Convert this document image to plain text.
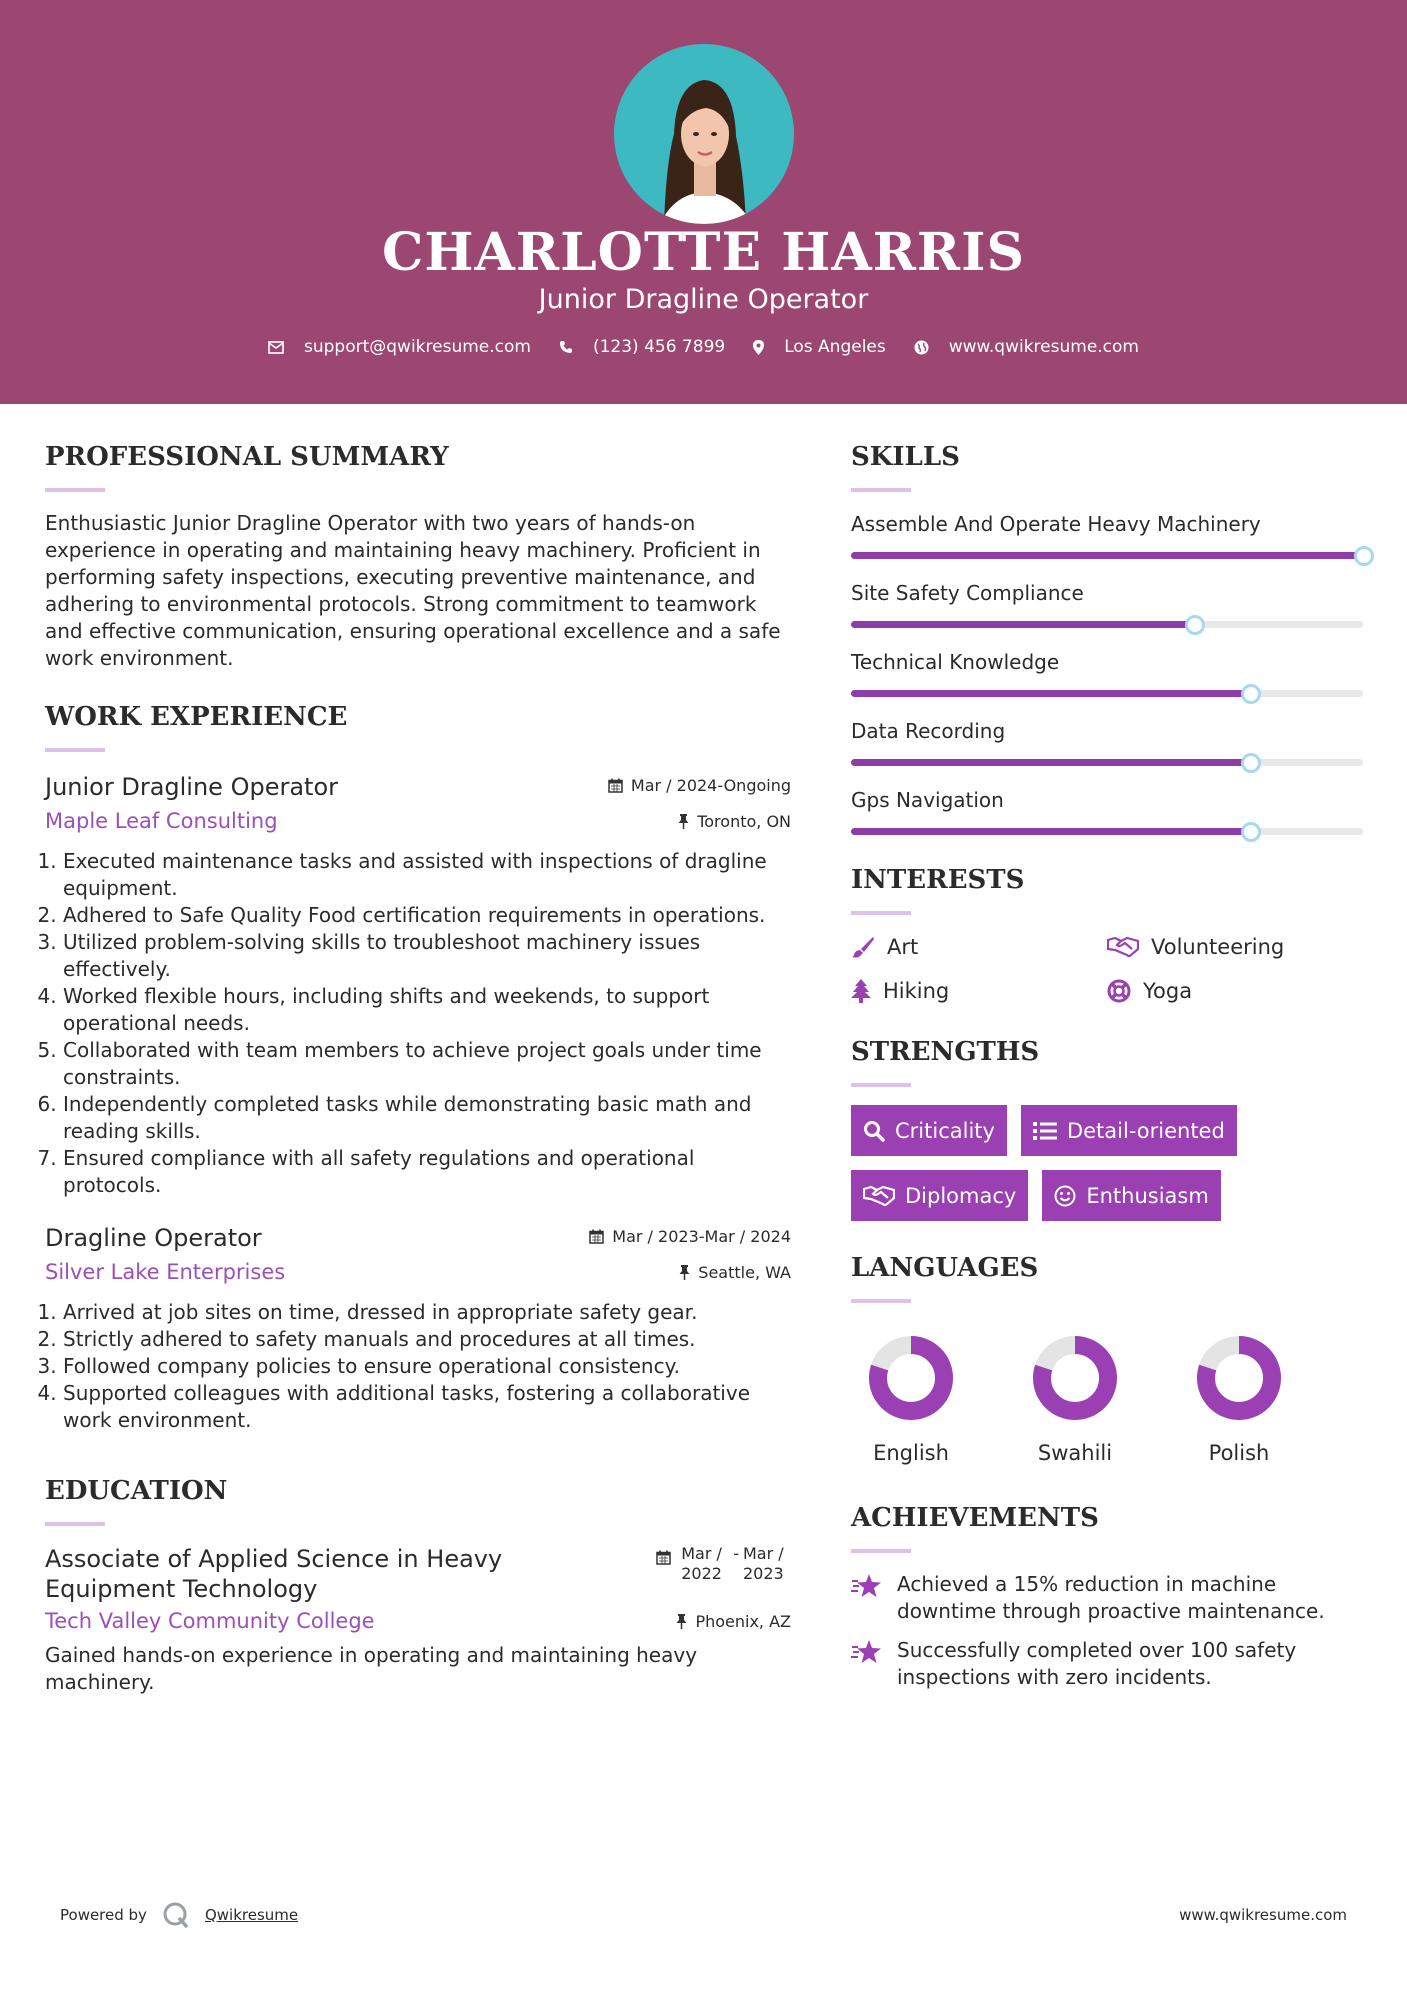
CHARLOTTE HARRIS
Junior Dragline Operator
support@qwikresume.com	(123) 456 7899	Los Angeles	www.qwikresume.com
PROFESSIONAL SUMMARY

Enthusiastic Junior Dragline Operator with two years of hands-on experience in operating and maintaining heavy machinery. Proficient in performing safety inspections, executing preventive maintenance, and adhering to environmental protocols. Strong commitment to teamwork and effective communication, ensuring operational excellence and a safe work environment.

WORK EXPERIENCE
Junior Dragline Operator	Mar / 2024-Ongoing
Maple Leaf Consulting	Toronto, ON
1. Executed maintenance tasks and assisted with inspections of dragline equipment.
2. Adhered to Safe Quality Food certification requirements in operations.
3. Utilized problem-solving skills to troubleshoot machinery issues effectively.
4. Worked flexible hours, including shifts and weekends, to support operational needs.
5. Collaborated with team members to achieve project goals under time constraints.
6. Independently completed tasks while demonstrating basic math and reading skills.
7. Ensured compliance with all safety regulations and operational protocols.
Dragline Operator	Mar / 2023-Mar / 2024
Silver Lake Enterprises	Seattle, WA
1. Arrived at job sites on time, dressed in appropriate safety gear.
2. Strictly adhered to safety manuals and procedures at all times.
3. Followed company policies to ensure operational consistency.
4. Supported colleagues with additional tasks, fostering a collaborative work environment.
EDUCATION
Associate of Applied Science in Heavy Equipment Technology
Mar / 2022
- Mar / 2023
Tech Valley Community College	Phoenix, AZ

Gained hands-on experience in operating and maintaining heavy machinery.

SKILLS
Assemble And Operate Heavy Machinery
Site Safety Compliance
Technical Knowledge
Data Recording
Gps Navigation
INTERESTS
Art	Volunteering
Hiking	Yoga
STRENGTHS
Criticality	Detail-oriented
Diplomacy	Enthusiasm
LANGUAGES
English	Swahili	Polish
ACHIEVEMENTS
Achieved a 15% reduction in machine downtime through proactive maintenance.
Successfully completed over 100 safety inspections with zero incidents.
Powered by	Qwikresume	www.qwikresume.com
